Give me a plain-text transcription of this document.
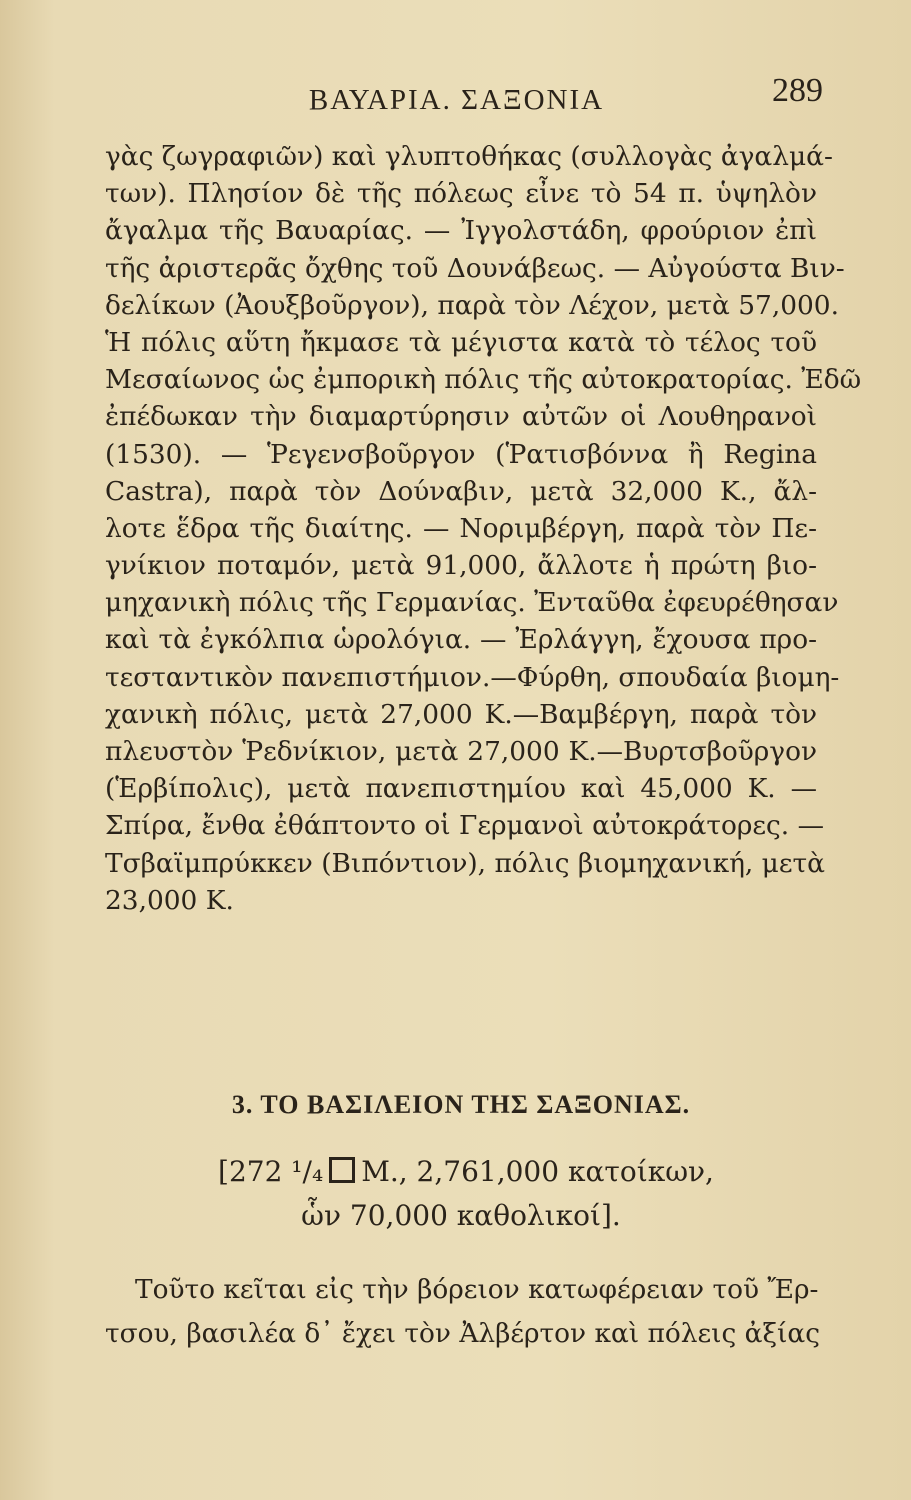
ΒΑΥΑΡΙΑ. ΣΑΞΟΝΙΑ	289
γὰς ζωγραφιῶν) καὶ γλυπτοθήκας (συλλογὰς ἀγαλμά-
των). Πλησίον δὲ τῆς πόλεως εἶνε τὸ 54 π. ὑψηλὸν
ἄγαλμα τῆς Βαυαρίας. — Ἰγγολστάδη, φρούριον ἐπὶ
τῆς ἀριστερᾶς ὄχθης τοῦ Δουνάβεως. — Αὐγούστα Βιν-
δελίκων (Ἀουξβοῦργον), παρὰ τὸν Λέχον, μετὰ 57,000.
Ἡ πόλις αὕτη ἤκμασε τὰ μέγιστα κατὰ τὸ τέλος τοῦ
Μεσαίωνος ὡς ἐμπορικὴ πόλις τῆς αὐτοκρατορίας. Ἐδῶ
ἐπέδωκαν τὴν διαμαρτύρησιν αὐτῶν οἱ Λουθηρανοὶ
(1530). — Ῥεγενσβοῦργον (Ῥατισβόννα ἢ Regina
Castra), παρὰ τὸν Δούναβιν, μετὰ 32,000 Κ., ἄλ-
λοτε ἕδρα τῆς διαίτης. — Νοριμβέργη, παρὰ τὸν Πε-
γνίκιον ποταμόν, μετὰ 91,000, ἄλλοτε ἡ πρώτη βιο-
μηχανικὴ πόλις τῆς Γερμανίας. Ἐνταῦθα ἐφευρέθησαν
καὶ τὰ ἐγκόλπια ὡρολόγια. — Ἐρλάγγη, ἔχουσα προ-
τεσταντικὸν πανεπιστήμιον.—Φύρθη, σπουδαία βιομη-
χανικὴ πόλις, μετὰ 27,000 Κ.—Βαμβέργη, παρὰ τὸν
πλευστὸν Ῥεδνίκιον, μετὰ 27,000 Κ.—Βυρτσβοῦργον
(Ἑρβίπολις), μετὰ πανεπιστημίου καὶ 45,000 Κ. —
Σπίρα, ἔνθα ἐθάπτοντο οἱ Γερμανοὶ αὐτοκράτορες. —
Τσβαϊμπρύκκεν (Βιπόντιον), πόλις βιομηχανική, μετὰ
23,000 Κ.
3. ΤΟ ΒΑΣΙΛΕΙΟΝ ΤΗΣ ΣΑΞΟΝΙΑΣ.
[272 ¹/₄ Μ., 2,761,000 κατοίκων,
ὧν 70,000 καθολικοί].
Τοῦτο κεῖται εἰς τὴν βόρειον κατωφέρειαν τοῦ Ἔρ-
τσου, βασιλέα δ᾽ ἔχει τὸν Ἀλβέρτον καὶ πόλεις ἀξίας
